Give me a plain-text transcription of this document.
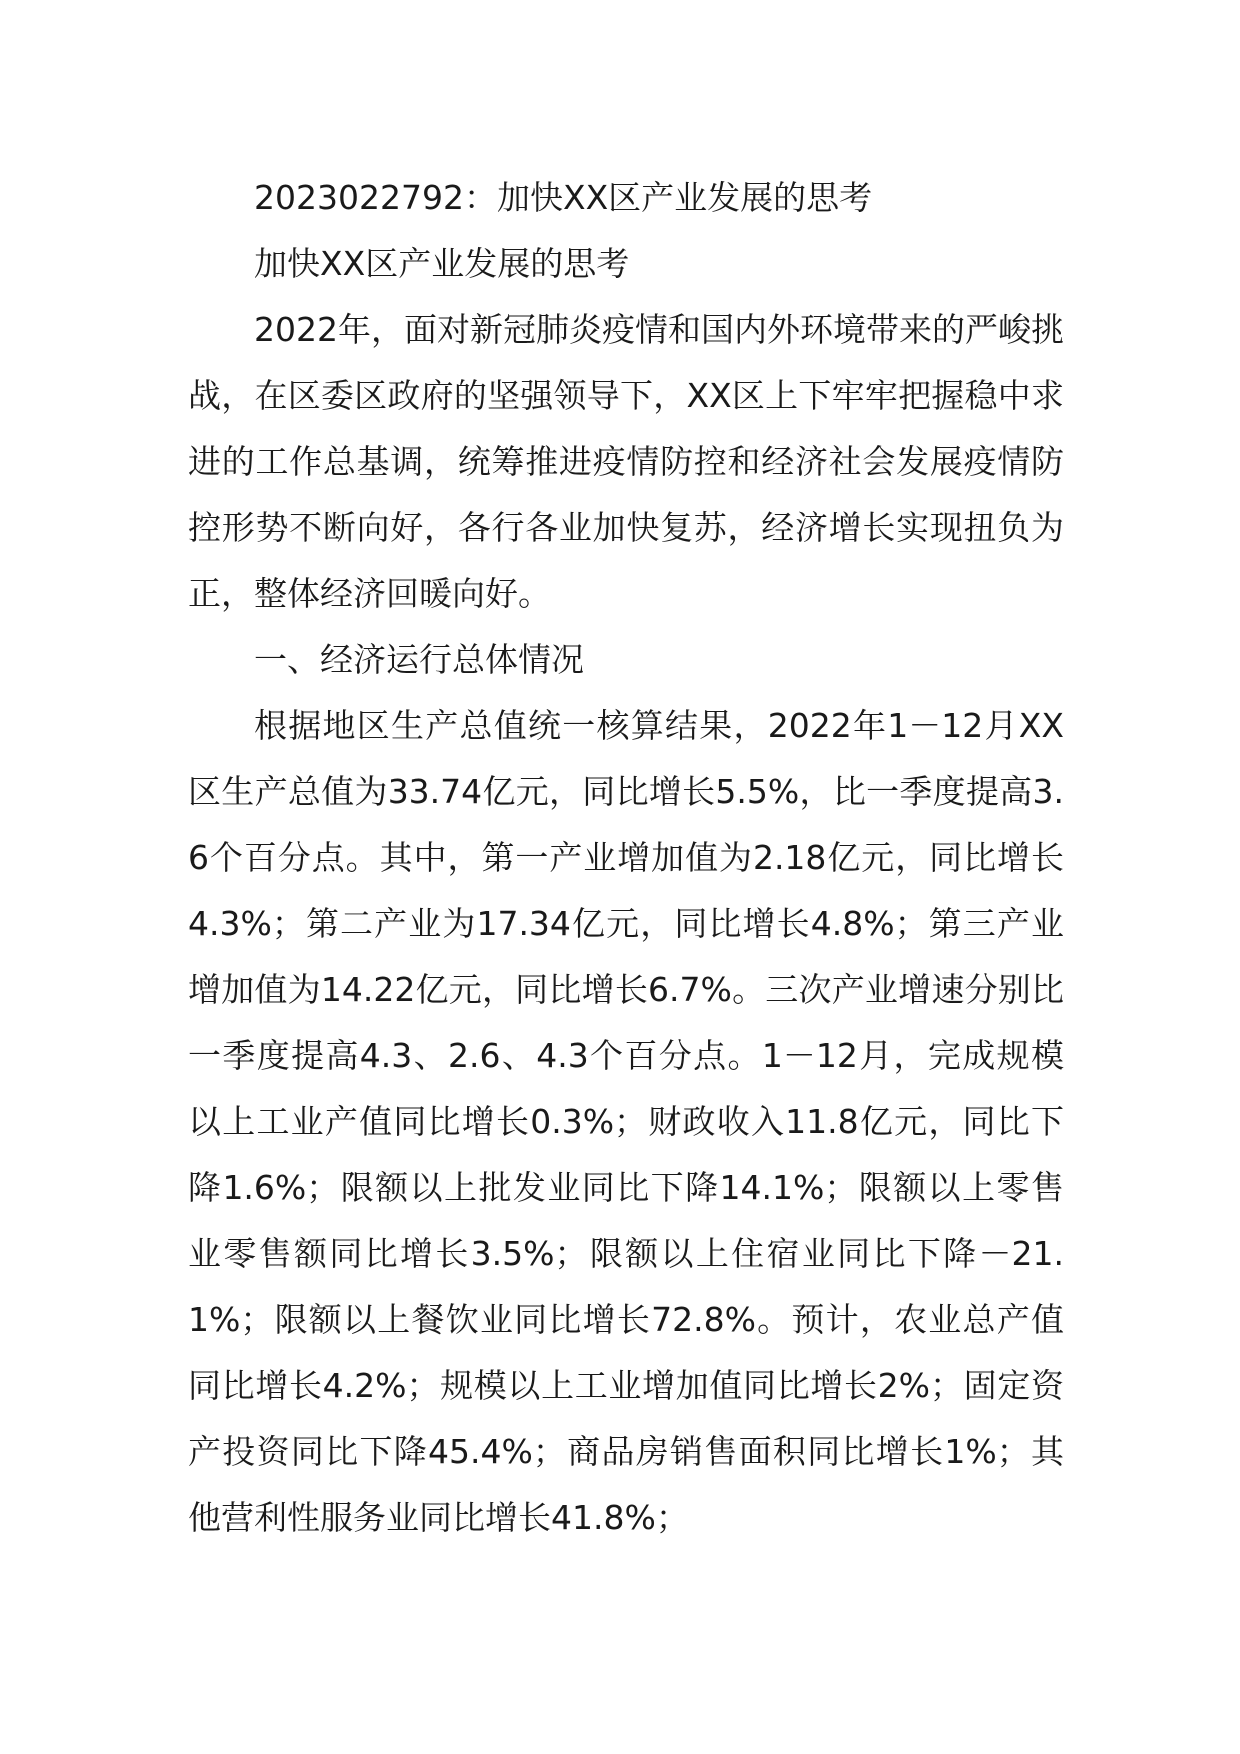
2023022792：加快XX区产业发展的思考

加快XX区产业发展的思考

2022年，面对新冠肺炎疫情和国内外环境带来的严峻挑战，在区委区政府的坚强领导下，XX区上下牢牢把握稳中求进的工作总基调，统筹推进疫情防控和经济社会发展疫情防控形势不断向好，各行各业加快复苏，经济增长实现扭负为正，整体经济回暖向好。

一、经济运行总体情况

根据地区生产总值统一核算结果，2022年1－12月XX区生产总值为33.74亿元，同比增长5.5%，比一季度提高3.6个百分点。其中，第一产业增加值为2.18亿元，同比增长4.3%；第二产业为17.34亿元，同比增长4.8%；第三产业增加值为14.22亿元，同比增长6.7%。三次产业增速分别比一季度提高4.3、2.6、4.3个百分点。1－12月，完成规模以上工业产值同比增长0.3%；财政收入11.8亿元，同比下降1.6%；限额以上批发业同比下降14.1%；限额以上零售业零售额同比增长3.5%；限额以上住宿业同比下降－21.1%；限额以上餐饮业同比增长72.8%。预计，农业总产值同比增长4.2%；规模以上工业增加值同比增长2%；固定资产投资同比下降45.4%；商品房销售面积同比增长1%；其他营利性服务业同比增长41.8%；
